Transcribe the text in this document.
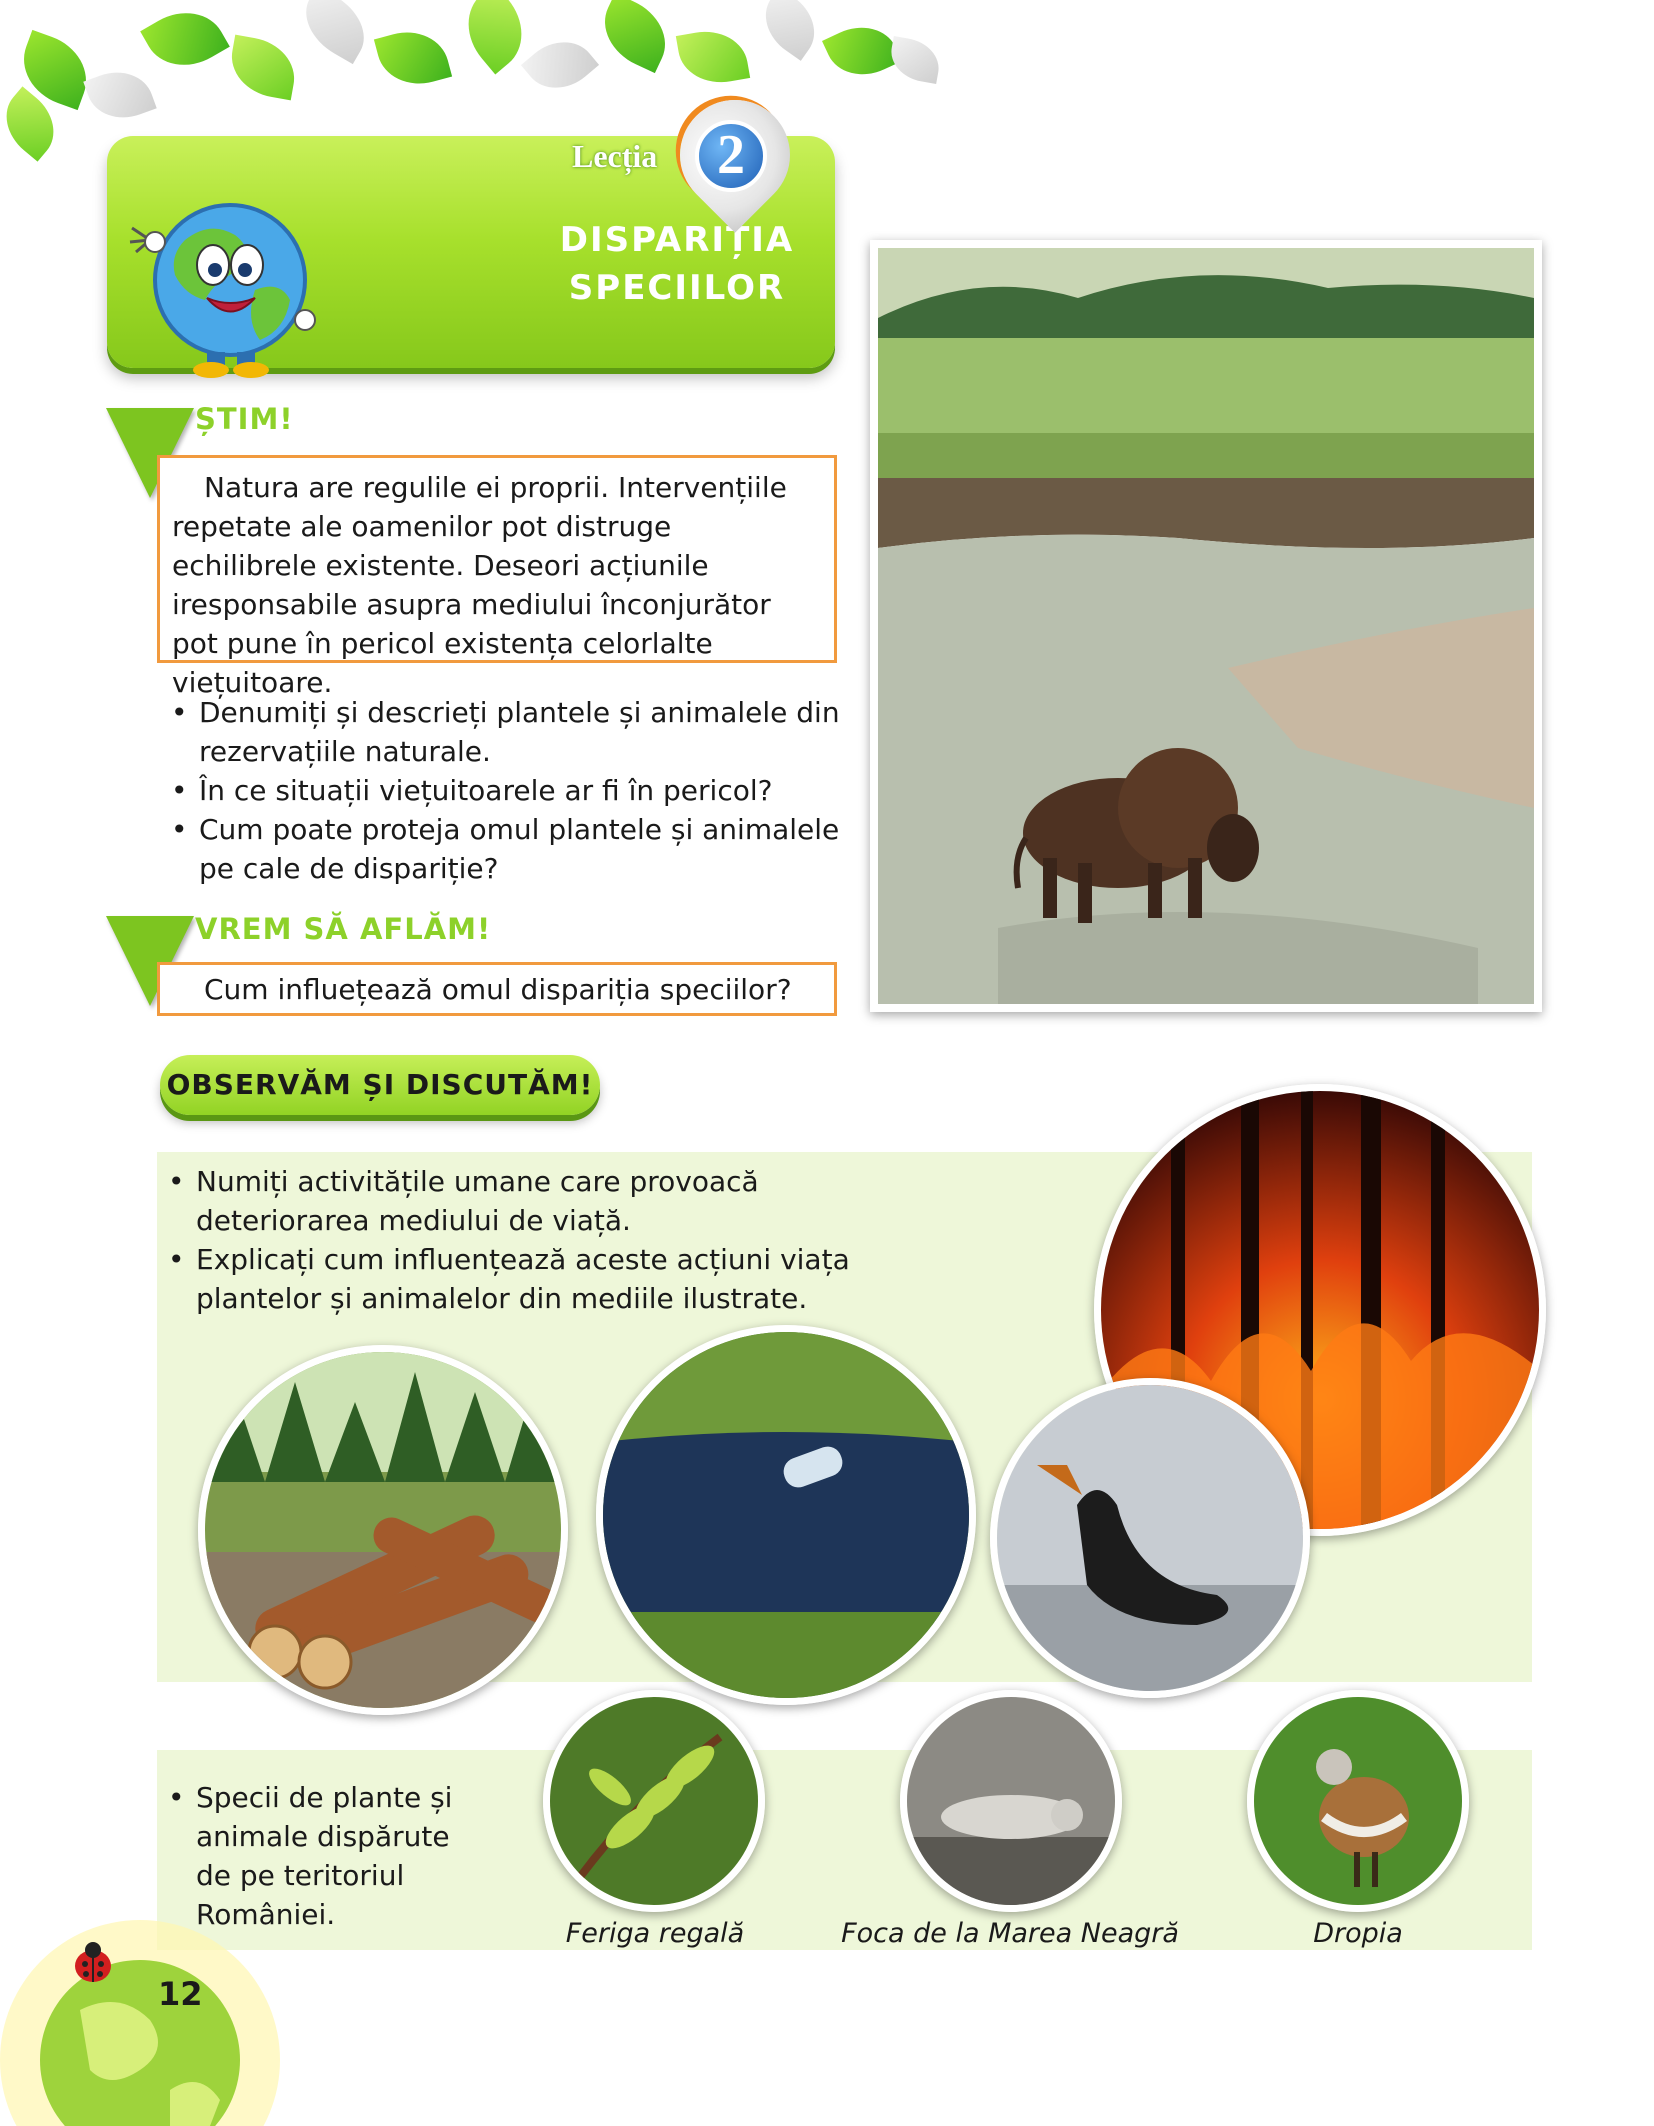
Lecția
DISPARIȚIA
SPECIILOR
2
ȘTIM!
Natura are regulile ei proprii. Intervențiile repetate ale oamenilor pot distruge echilibrele existente. Deseori acțiunile iresponsabile asupra mediului înconjurător pot pune în pericol existența celorlalte viețuitoare.
• Denumiți și descrieți plantele și animalele din rezervațiile naturale.
• În ce situații viețuitoarele ar fi în pericol?
• Cum poate proteja omul plantele și animalele pe cale de dispariție?
VREM SĂ AFLĂM!
Cum influețează omul dispariția speciilor?
OBSERVĂM ȘI DISCUTĂM!
• Numiți activitățile umane care provoacă deteriorarea mediului de viață.
• Explicați cum influențează aceste acțiuni viața plantelor și animalelor din mediile ilustrate.
• Specii de plante și animale dispărute de pe teritoriul României.
Feriga regală	Foca de la Marea Neagră	Dropia
12
